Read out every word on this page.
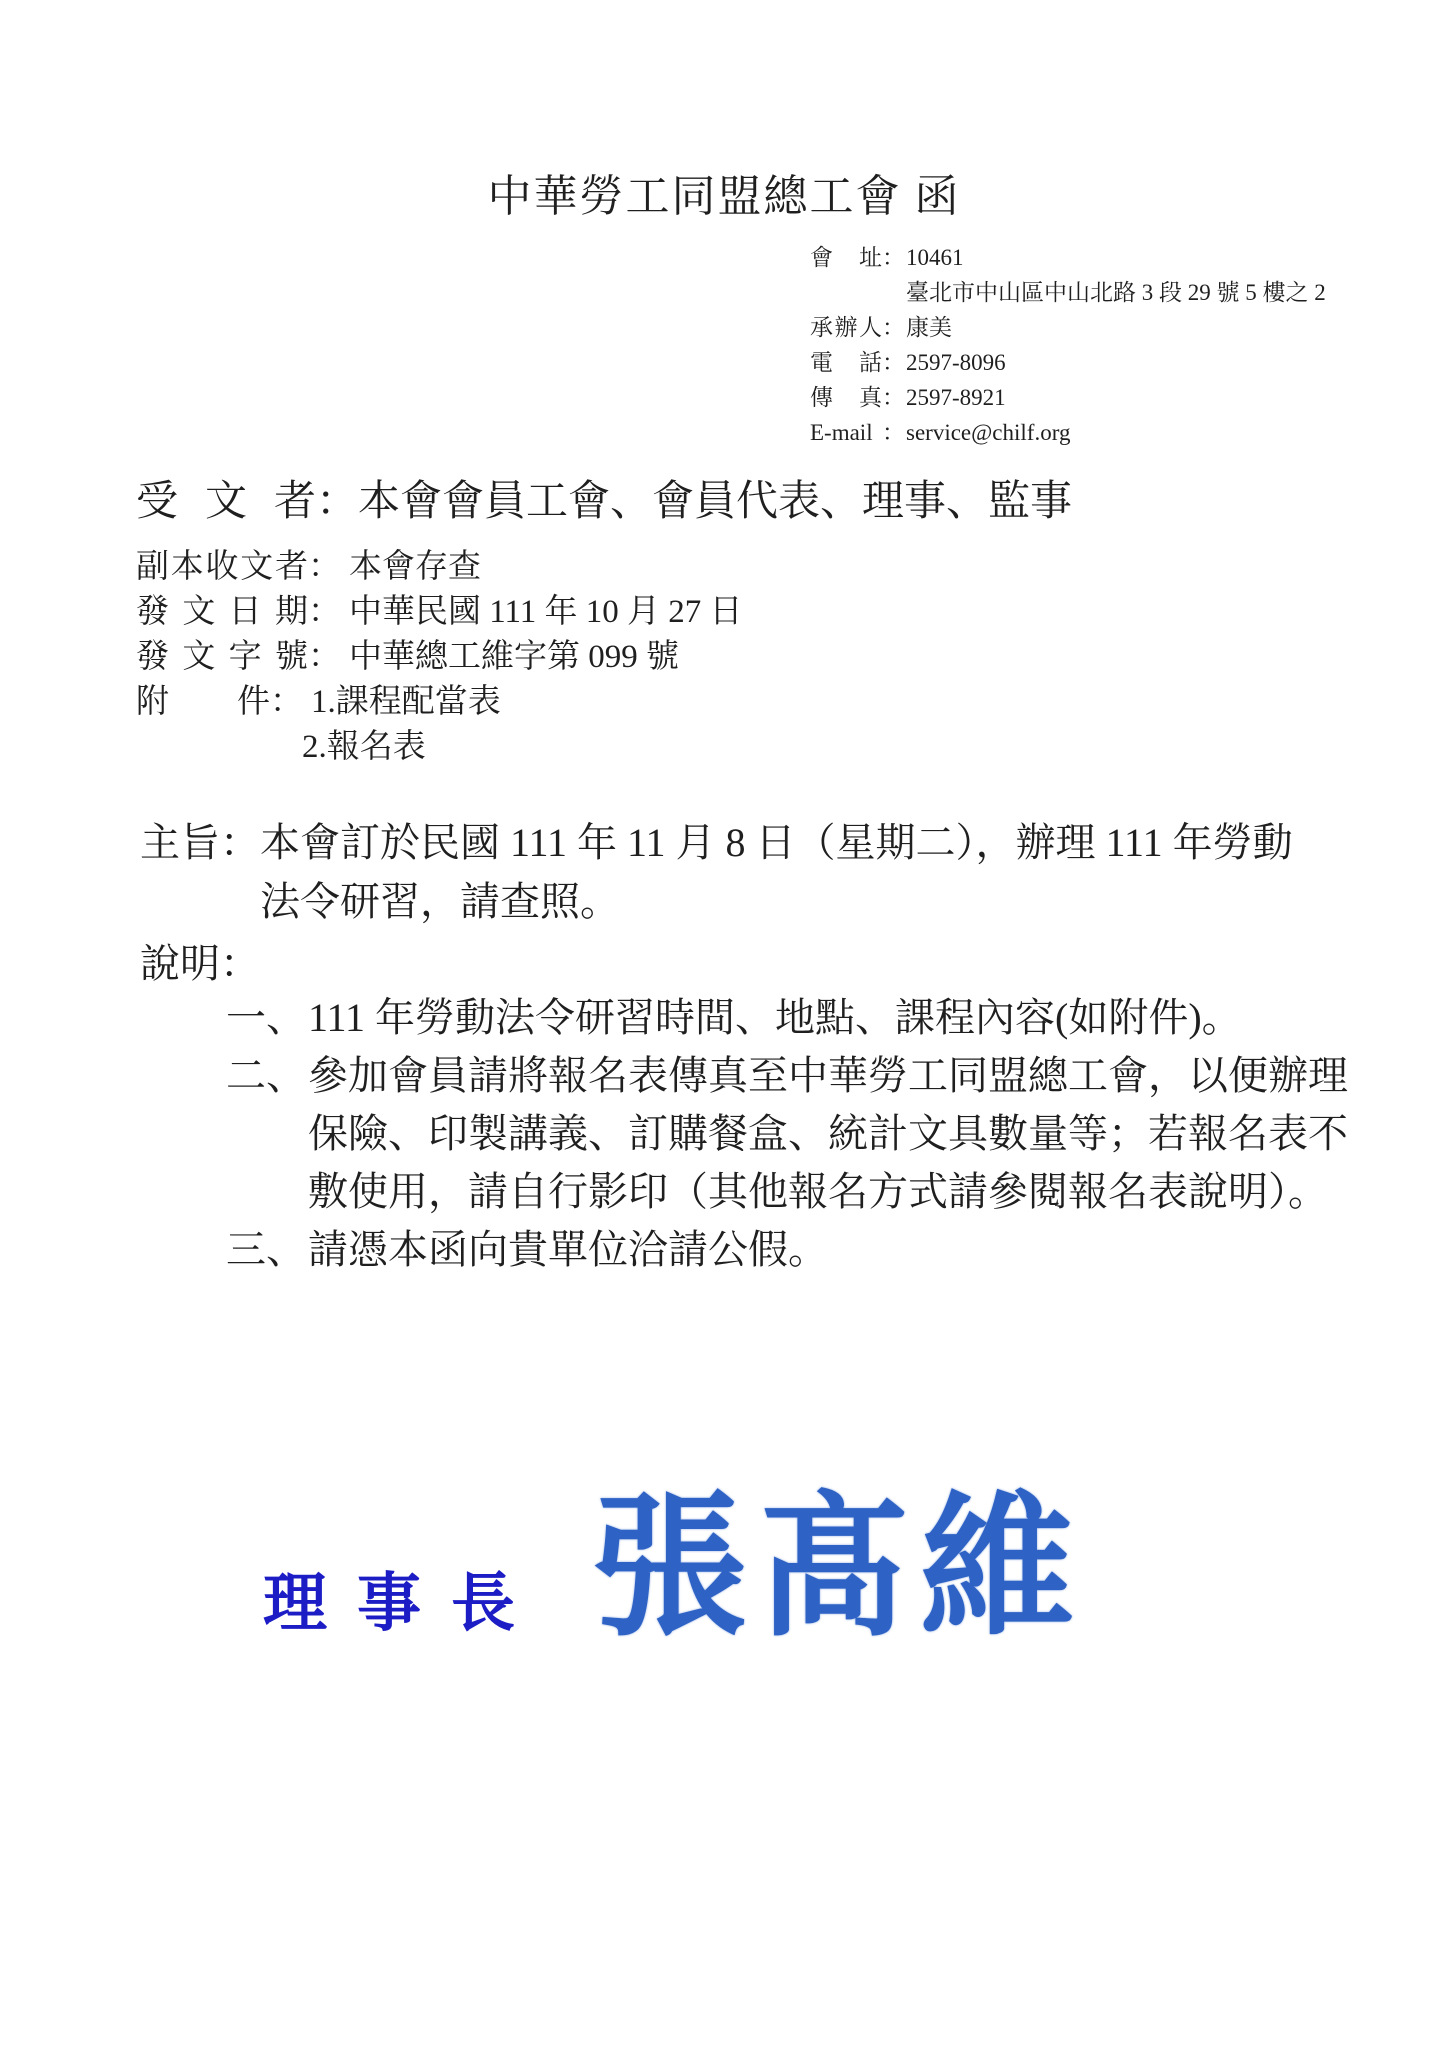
中華勞工同盟總工會 函
會　址：10461
臺北市中山區中山北路 3 段 29 號 5 樓之 2
承辦人：康美
電　話：2597-8096
傳　真：2597-8921
E-mail ：service@chilf.org
受文者：本會會員工會、會員代表、理事、監事
副本收文者： 本會存查
發文日期： 中華民國 111 年 10 月 27 日
發文字號： 中華總工維字第 099 號
附　　件： 1.課程配當表
2.報名表
主旨 ： 本會訂於民國 111 年 11 月 8 日（星期二），辦理 111 年勞動
法令研習，請查照。
說明：
一、 111 年勞動法令研習時間、地點、課程內容(如附件)。
二、 參加會員請將報名表傳真至中華勞工同盟總工會，以便辦理
保險、印製講義、訂購餐盒、統計文具數量等；若報名表不
敷使用，請自行影印（其他報名方式請參閱報名表說明）。
三、 請憑本函向貴單位洽請公假。
理事長 張髙維
